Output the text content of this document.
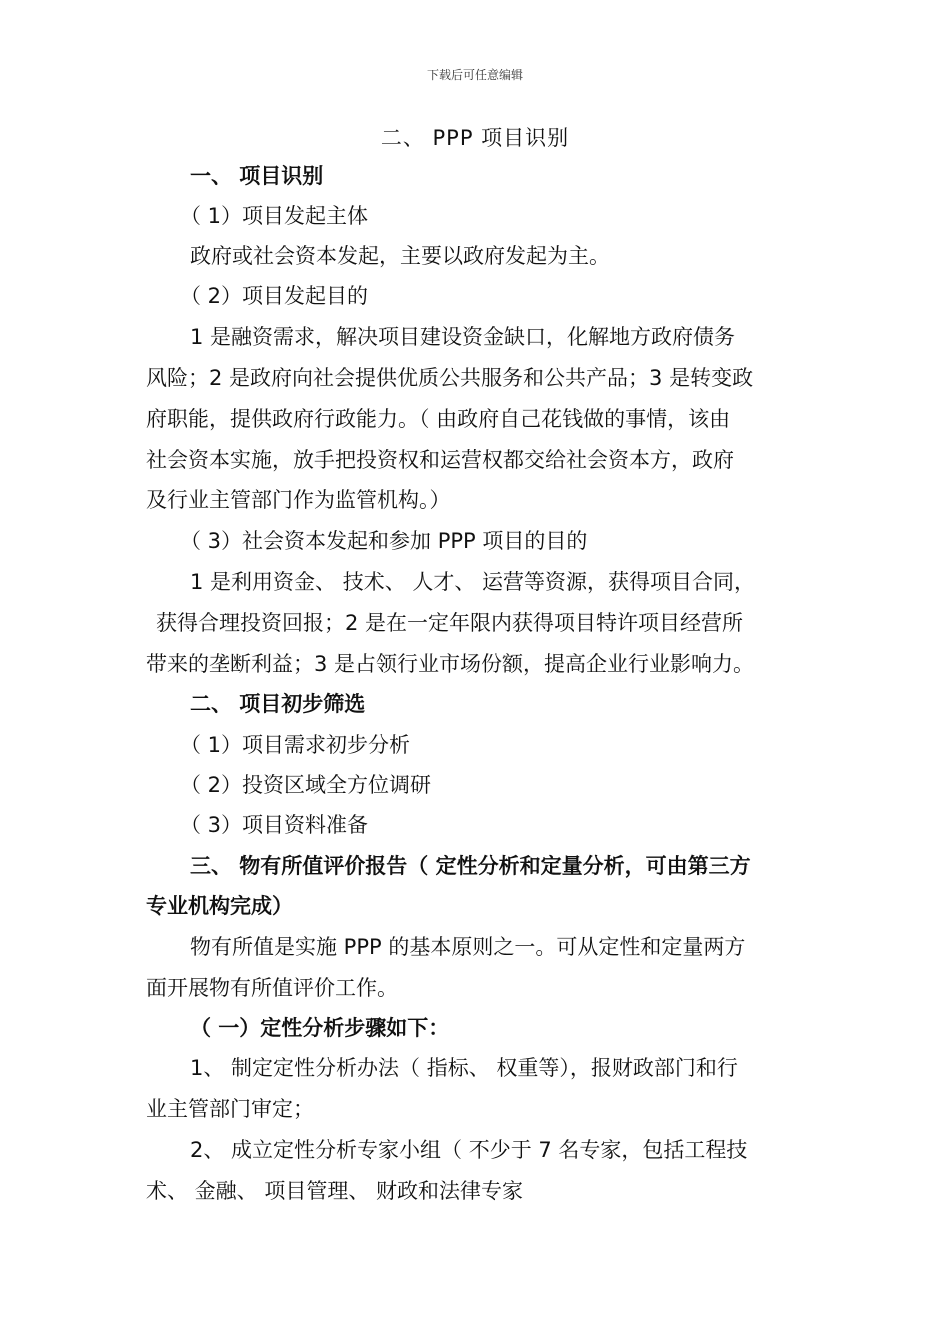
下载后可任意编辑
二、 PPP 项目识别
一、 项目识别
（ 1）项目发起主体
政府或社会资本发起，主要以政府发起为主。
（ 2）项目发起目的
1 是融资需求，解决项目建设资金缺口，化解地方政府债务
风险；2 是政府向社会提供优质公共服务和公共产品；3 是转变政
府职能，提供政府行政能力。（ 由政府自己花钱做的事情，该由
社会资本实施，放手把投资权和运营权都交给社会资本方，政府
及行业主管部门作为监管机构。）
（ 3）社会资本发起和参加 PPP 项目的目的
1 是利用资金、 技术、 人才、 运营等资源，获得项目合同，
获得合理投资回报；2 是在一定年限内获得项目特许项目经营所
带来的垄断利益；3 是占领行业市场份额，提高企业行业影响力。
二、 项目初步筛选
（ 1）项目需求初步分析
（ 2）投资区域全方位调研
（ 3）项目资料准备
三、 物有所值评价报告（ 定性分析和定量分析，可由第三方
专业机构完成）
物有所值是实施 PPP 的基本原则之一。可从定性和定量两方
面开展物有所值评价工作。
（ 一）定性分析步骤如下：
1、 制定定性分析办法（ 指标、 权重等），报财政部门和行
业主管部门审定；
2、 成立定性分析专家小组（ 不少于 7 名专家，包括工程技
术、 金融、 项目管理、 财政和法律专家
